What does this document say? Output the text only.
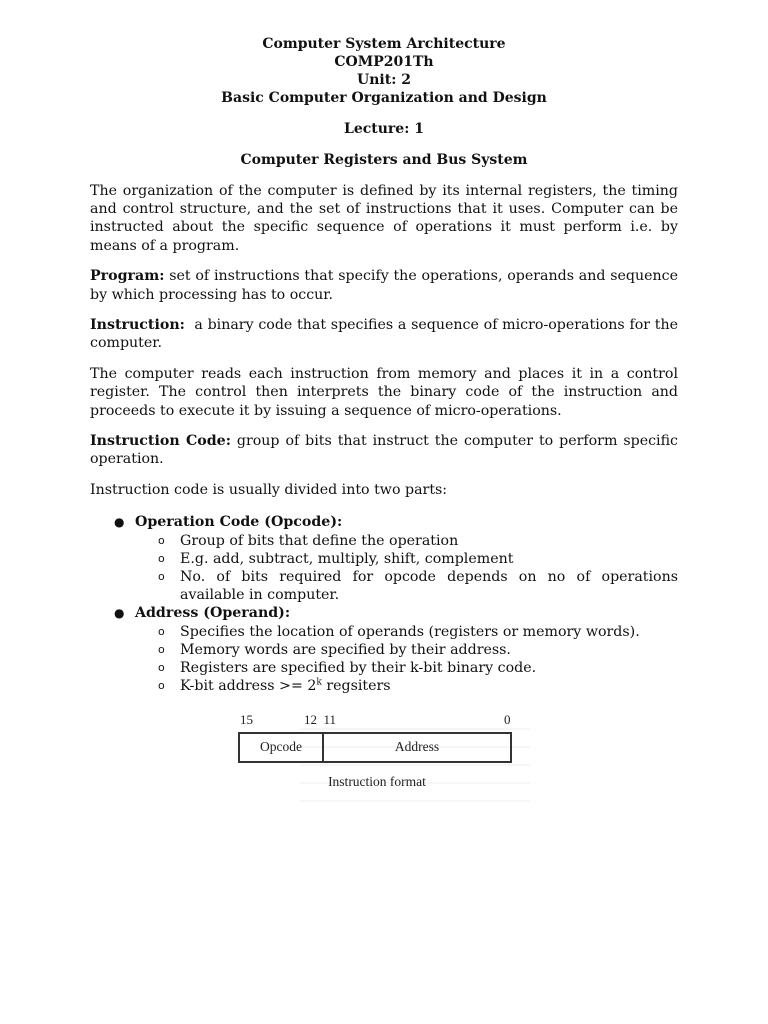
Computer System Architecture
COMP201Th
Unit: 2
Basic Computer Organization and Design
Lecture: 1
Computer Registers and Bus System

The organization of the computer is defined by its internal registers, the timing and control structure, and the set of instructions that it uses. Computer can be instructed about the specific sequence of operations it must perform i.e. by means of a program.

Program: set of instructions that specify the operations, operands and sequence by which processing has to occur.

Instruction:  a binary code that specifies a sequence of micro-operations for the computer.

The computer reads each instruction from memory and places it in a control register. The control then interprets the binary code of the instruction and proceeds to execute it by issuing a sequence of micro-operations.

Instruction Code: group of bits that instruct the computer to perform specific operation.

Instruction code is usually divided into two parts:

● Operation Code (Opcode):
o Group of bits that define the operation
o E.g. add, subtract, multiply, shift, complement
o No. of bits required for opcode depends on no of operations available in computer.
● Address (Operand):
o Specifies the location of operands (registers or memory words).
o Memory words are specified by their address.
o Registers are specified by their k-bit binary code.
o K-bit address >= $2^k$ regsiters
15	12  11	0
Opcode	Address
Instruction format
